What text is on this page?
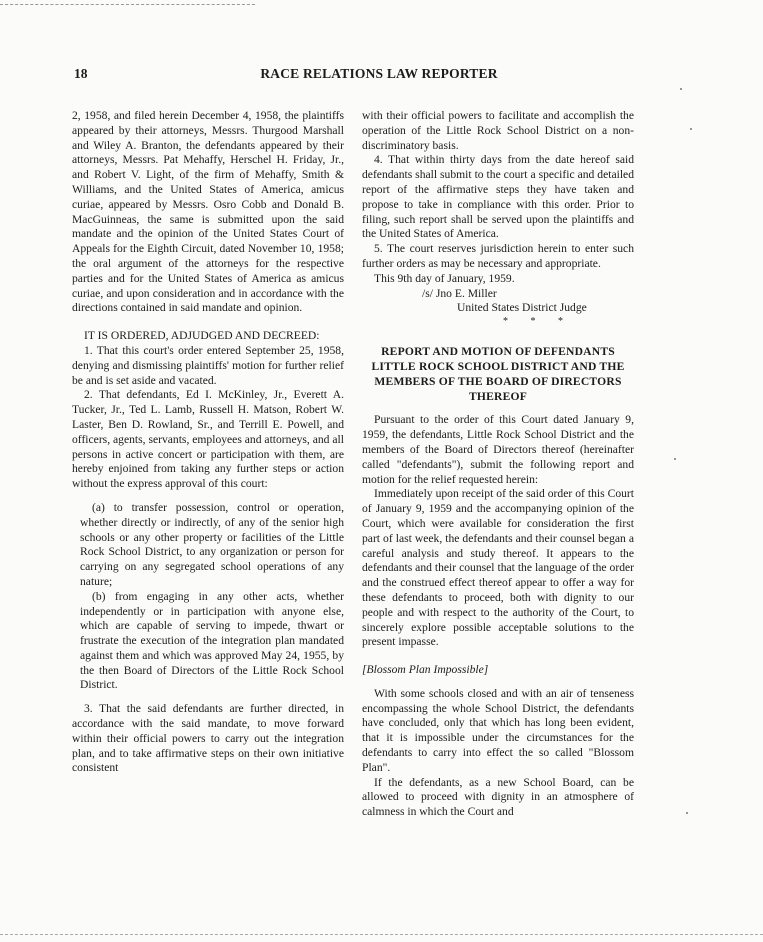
18	RACE RELATIONS LAW REPORTER

2, 1958, and filed herein December 4, 1958, the plaintiffs appeared by their attorneys, Messrs. Thurgood Marshall and Wiley A. Branton, the defendants appeared by their attorneys, Messrs. Pat Mehaffy, Herschel H. Friday, Jr., and Robert V. Light, of the firm of Mehaffy, Smith & Williams, and the United States of America, amicus curiae, appeared by Messrs. Osro Cobb and Donald B. MacGuinneas, the same is submitted upon the said mandate and the opinion of the United States Court of Appeals for the Eighth Circuit, dated November 10, 1958; the oral argument of the attorneys for the respective parties and for the United States of America as amicus curiae, and upon consideration and in accordance with the directions contained in said mandate and opinion.

IT IS ORDERED, ADJUDGED AND DECREED:

1. That this court's order entered September 25, 1958, denying and dismissing plaintiffs' motion for further relief be and is set aside and vacated.

2. That defendants, Ed I. McKinley, Jr., Everett A. Tucker, Jr., Ted L. Lamb, Russell H. Matson, Robert W. Laster, Ben D. Rowland, Sr., and Terrill E. Powell, and officers, agents, servants, employees and attorneys, and all persons in active concert or participation with them, are hereby enjoined from taking any further steps or action without the express approval of this court:

(a) to transfer possession, control or operation, whether directly or indirectly, of any of the senior high schools or any other property or facilities of the Little Rock School District, to any organization or person for carrying on any segregated school operations of any nature;

(b) from engaging in any other acts, whether independently or in participation with anyone else, which are capable of serving to impede, thwart or frustrate the execution of the integration plan mandated against them and which was approved May 24, 1955, by the then Board of Directors of the Little Rock School District.

3. That the said defendants are further directed, in accordance with the said mandate, to move forward within their official powers to carry out the integration plan, and to take affirmative steps on their own initiative consistent

with their official powers to facilitate and accomplish the operation of the Little Rock School District on a non-discriminatory basis.

4. That within thirty days from the date hereof said defendants shall submit to the court a specific and detailed report of the affirmative steps they have taken and propose to take in compliance with this order. Prior to filing, such report shall be served upon the plaintiffs and the United States of America.

5. The court reserves jurisdiction herein to enter such further orders as may be necessary and appropriate.

This 9th day of January, 1959.

/s/ Jno E. Miller

United States District Judge

* * *

REPORT AND MOTION OF DEFENDANTS LITTLE ROCK SCHOOL DISTRICT AND THE MEMBERS OF THE BOARD OF DIRECTORS THEREOF

Pursuant to the order of this Court dated January 9, 1959, the defendants, Little Rock School District and the members of the Board of Directors thereof (hereinafter called "defendants"), submit the following report and motion for the relief requested herein:

Immediately upon receipt of the said order of this Court of January 9, 1959 and the accompanying opinion of the Court, which were available for consideration the first part of last week, the defendants and their counsel began a careful analysis and study thereof. It appears to the defendants and their counsel that the language of the order and the construed effect thereof appear to offer a way for these defendants to proceed, both with dignity to our people and with respect to the authority of the Court, to sincerely explore possible acceptable solutions to the present impasse.

[Blossom Plan Impossible]

With some schools closed and with an air of tenseness encompassing the whole School District, the defendants have concluded, only that which has long been evident, that it is impossible under the circumstances for the defendants to carry into effect the so called "Blossom Plan".

If the defendants, as a new School Board, can be allowed to proceed with dignity in an atmosphere of calmness in which the Court and
